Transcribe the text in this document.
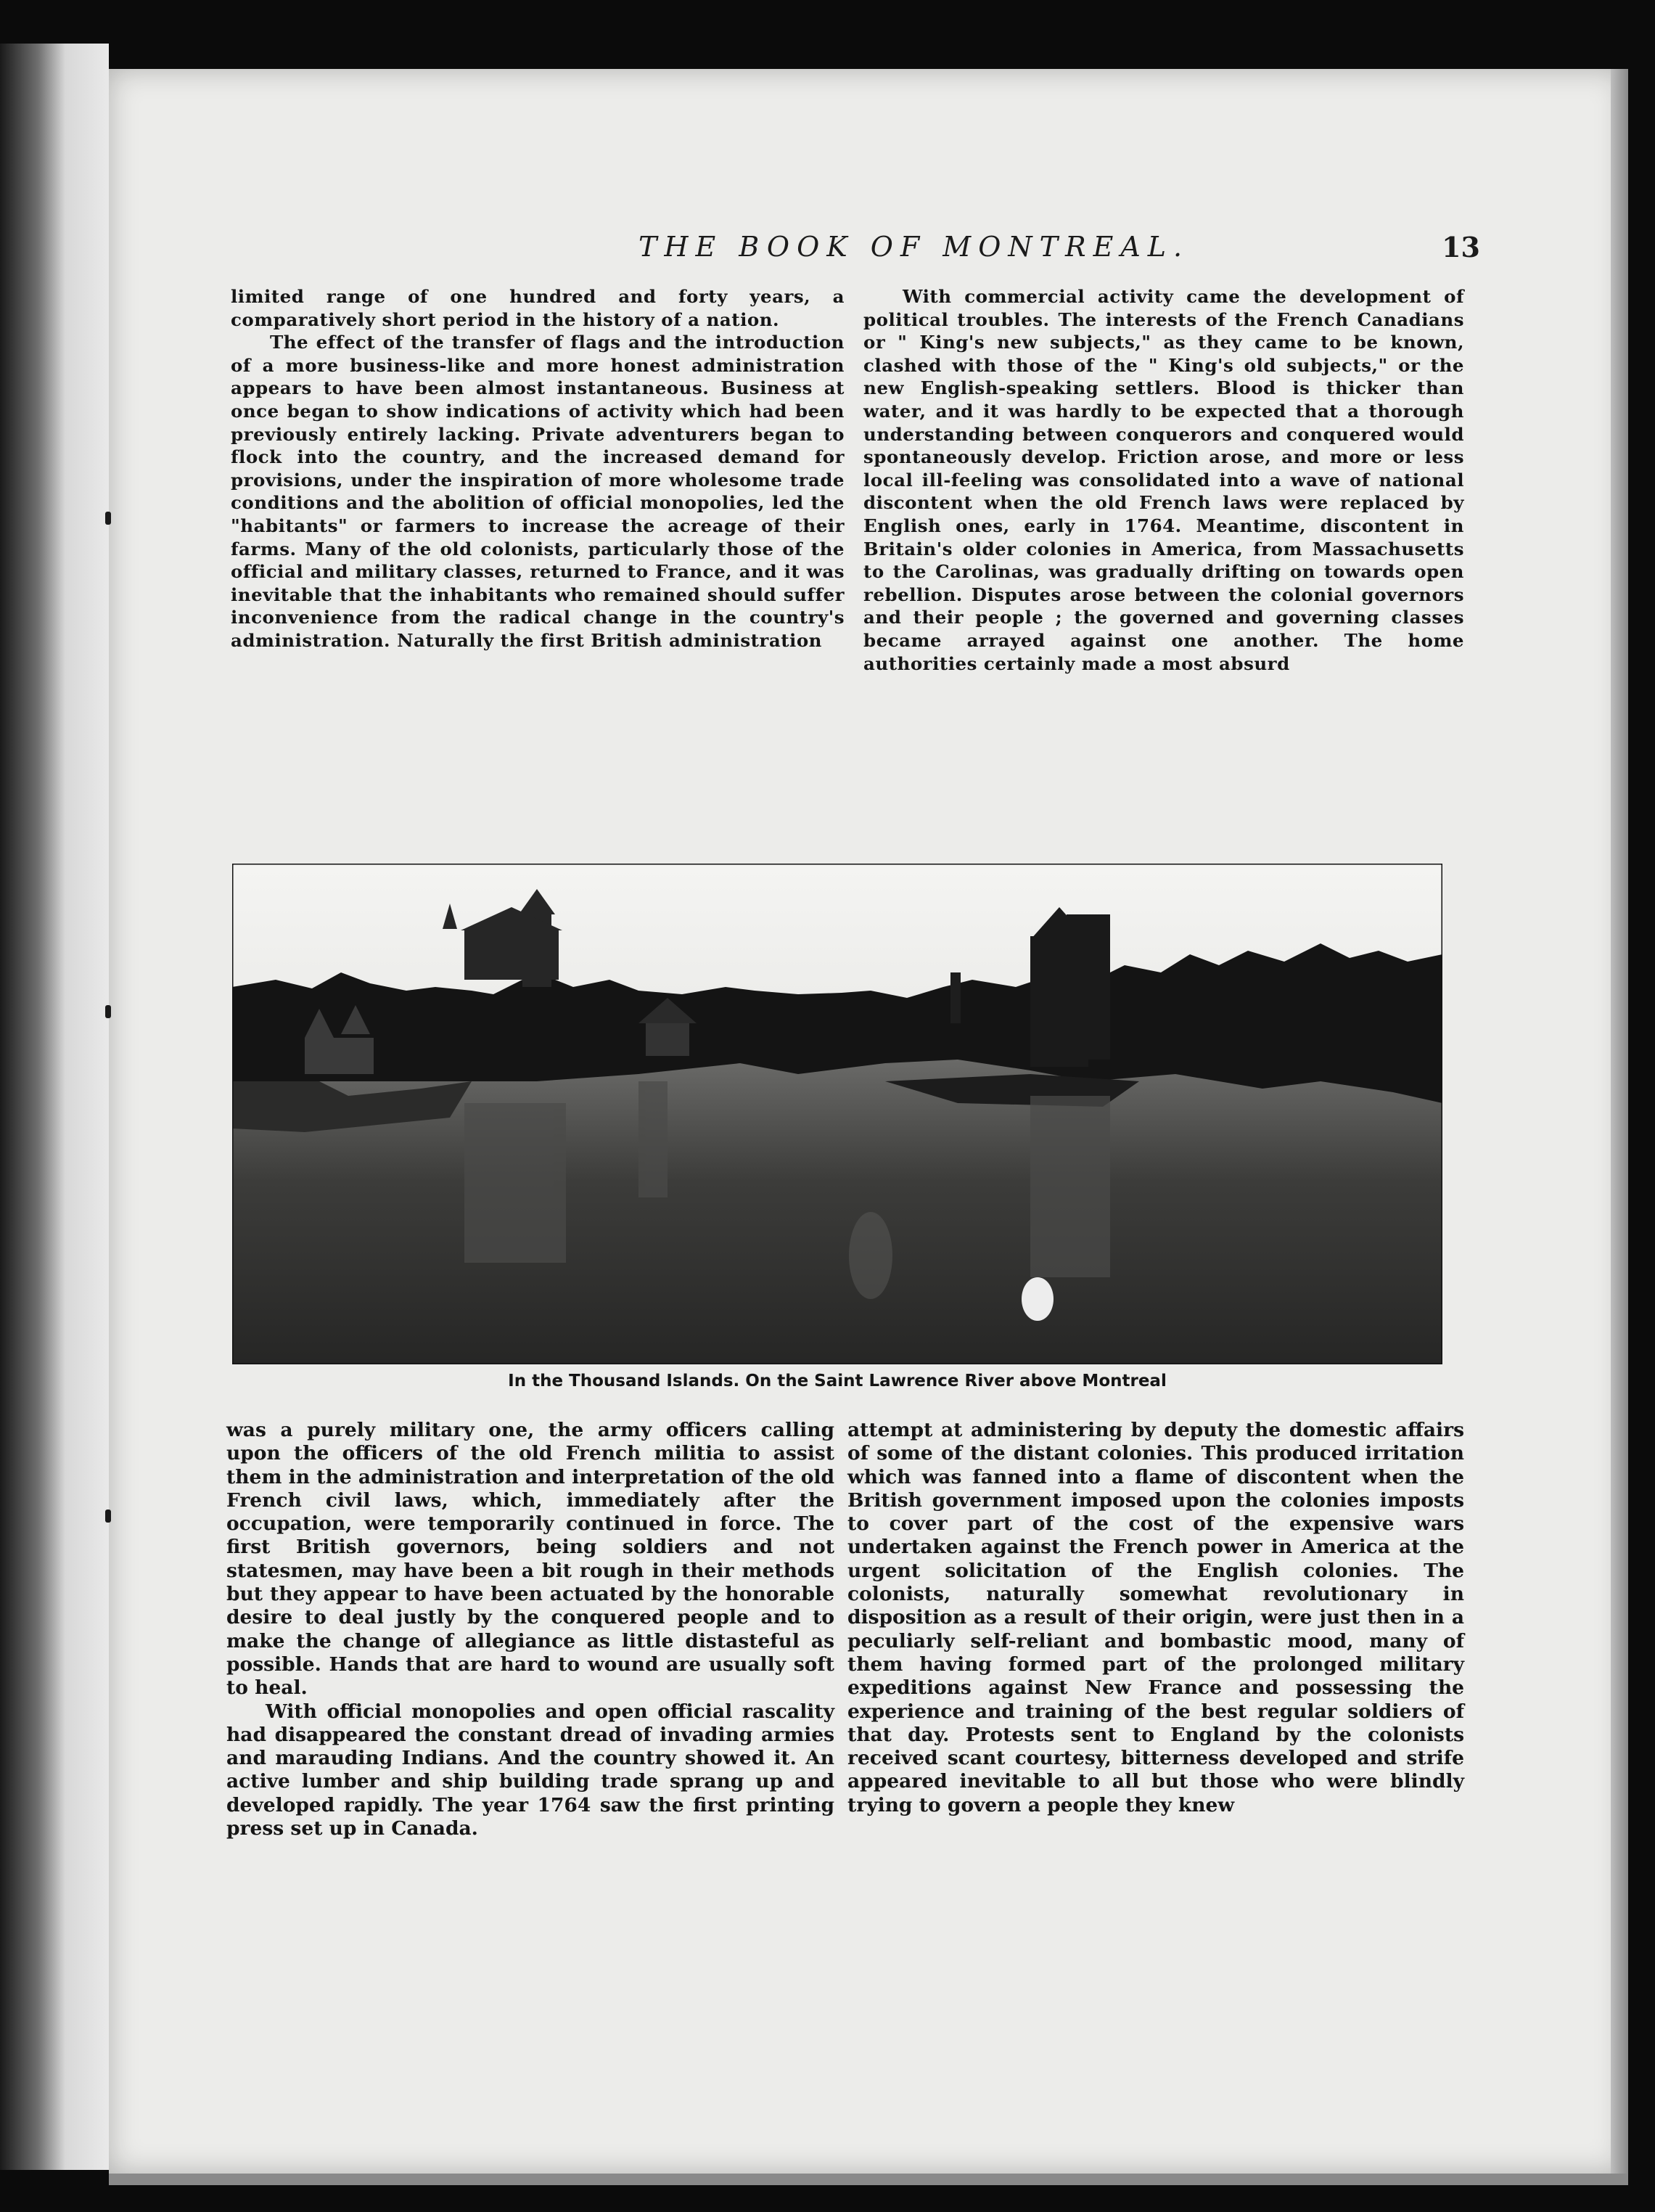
THE BOOK OF MONTREAL.	13

limited range of one hundred and forty years, a comparatively short period in the history of a nation.

The effect of the transfer of flags and the introduction of a more business-like and more honest administration appears to have been almost instantaneous. Business at once began to show indications of activity which had been previously entirely lacking. Private adventurers began to flock into the country, and the increased demand for provisions, under the inspiration of more wholesome trade conditions and the abolition of official monopolies, led the "habitants" or farmers to increase the acreage of their farms. Many of the old colonists, particularly those of the official and military classes, returned to France, and it was inevitable that the inhabitants who remained should suffer inconvenience from the radical change in the country's administration. Naturally the first British administration

With commercial activity came the development of political troubles. The interests of the French Canadians or " King's new subjects," as they came to be known, clashed with those of the " King's old subjects," or the new English-speaking settlers. Blood is thicker than water, and it was hardly to be expected that a thorough understanding between conquerors and conquered would spontaneously develop. Friction arose, and more or less local ill-feeling was consolidated into a wave of national discontent when the old French laws were replaced by English ones, early in 1764. Meantime, discontent in Britain's older colonies in America, from Massachusetts to the Carolinas, was gradually drifting on towards open rebellion. Disputes arose between the colonial governors and their people ; the governed and governing classes became arrayed against one another. The home authorities certainly made a most absurd

In the Thousand Islands. On the Saint Lawrence River above Montreal

was a purely military one, the army officers calling upon the officers of the old French militia to assist them in the administration and interpretation of the old French civil laws, which, immediately after the occupation, were temporarily continued in force. The first British governors, being soldiers and not statesmen, may have been a bit rough in their methods but they appear to have been actuated by the honorable desire to deal justly by the conquered people and to make the change of allegiance as little distasteful as possible. Hands that are hard to wound are usually soft to heal.

With official monopolies and open official rascality had disappeared the constant dread of invading armies and marauding Indians. And the country showed it. An active lumber and ship building trade sprang up and developed rapidly. The year 1764 saw the first printing press set up in Canada.

attempt at administering by deputy the domestic affairs of some of the distant colonies. This produced irritation which was fanned into a flame of discontent when the British government imposed upon the colonies imposts to cover part of the cost of the expensive wars undertaken against the French power in America at the urgent solicitation of the English colonies. The colonists, naturally somewhat revolutionary in disposition as a result of their origin, were just then in a peculiarly self-reliant and bombastic mood, many of them having formed part of the prolonged military expeditions against New France and possessing the experience and training of the best regular soldiers of that day. Protests sent to England by the colonists received scant courtesy, bitterness developed and strife appeared inevitable to all but those who were blindly trying to govern a people they knew
